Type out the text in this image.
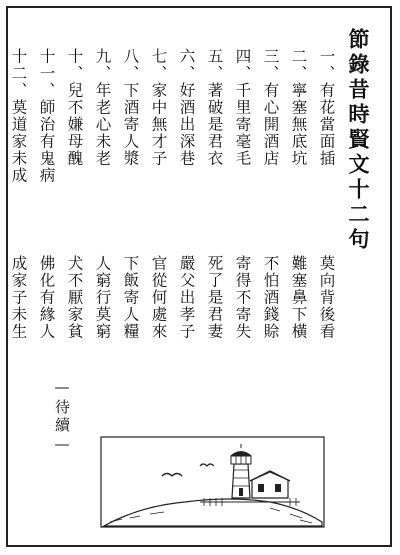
節錄昔時賢文十二句
一、有花當面插
二、寧塞無底坑
三、有心開酒店
四、千里寄毫毛
五、著破是君衣
六、好酒出深巷
七、家中無才子
八、下酒寄人漿
九、年老心未老
十、兒不嫌母醜
十一、師治有鬼病
十二、莫道家未成
莫向背後看
難塞鼻下橫
不怕酒錢賒
寄得不寄失
死了是君妻
嚴父出孝子
官從何處來
下飯寄人糧
人窮行莫窮
犬不厭家貧
佛化有緣人
成家子未生
—待續—
